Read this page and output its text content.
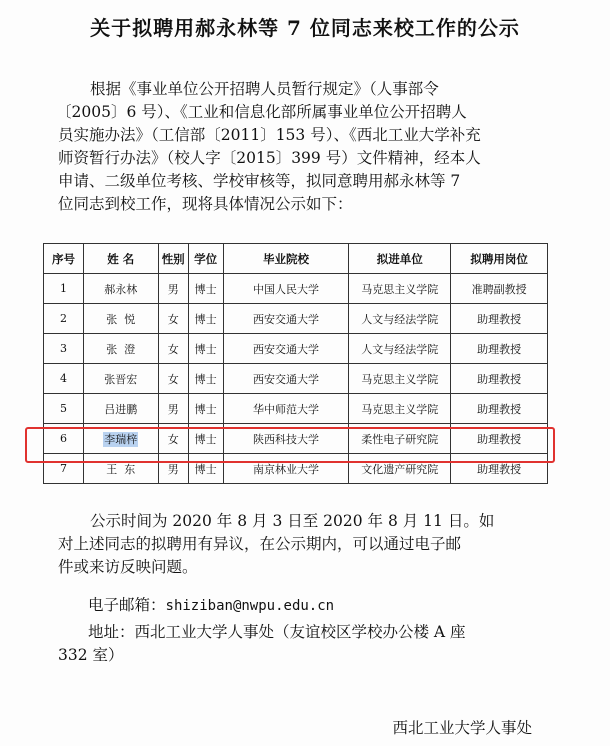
关于拟聘用郝永林等 7 位同志来校工作的公示

根据《事业单位公开招聘人员暂行规定》（人事部令
〔2005〕6 号）、《工业和信息化部所属事业单位公开招聘人
员实施办法》（工信部〔2011〕153 号）、《西北工业大学补充
师资暂行办法》（校人字〔2015〕399 号）文件精神，经本人
申请、二级单位考核、学校审核等，拟同意聘用郝永林等 7
位同志到校工作，现将具体情况公示如下：

序号	姓 名	性别	学位	毕业院校	拟进单位	拟聘用岗位
1	郝永林	男	博士	中国人民大学	马克思主义学院	准聘副教授
2	张  悦	女	博士	西安交通大学	人文与经法学院	助理教授
3	张  澄	女	博士	西安交通大学	人文与经法学院	助理教授
4	张晋宏	女	博士	西安交通大学	马克思主义学院	助理教授
5	吕进鹏	男	博士	华中师范大学	马克思主义学院	助理教授
6	李瑞梓	女	博士	陕西科技大学	柔性电子研究院	助理教授
7	王  东	男	博士	南京林业大学	文化遗产研究院	助理教授

公示时间为 2020 年 8 月 3 日至 2020 年 8 月 11 日。如
对上述同志的拟聘用有异议，在公示期内，可以通过电子邮
件或来访反映问题。

电子邮箱：shiziban@nwpu.edu.cn

地址：西北工业大学人事处（友谊校区学校办公楼 A 座
332 室）

西北工业大学人事处
